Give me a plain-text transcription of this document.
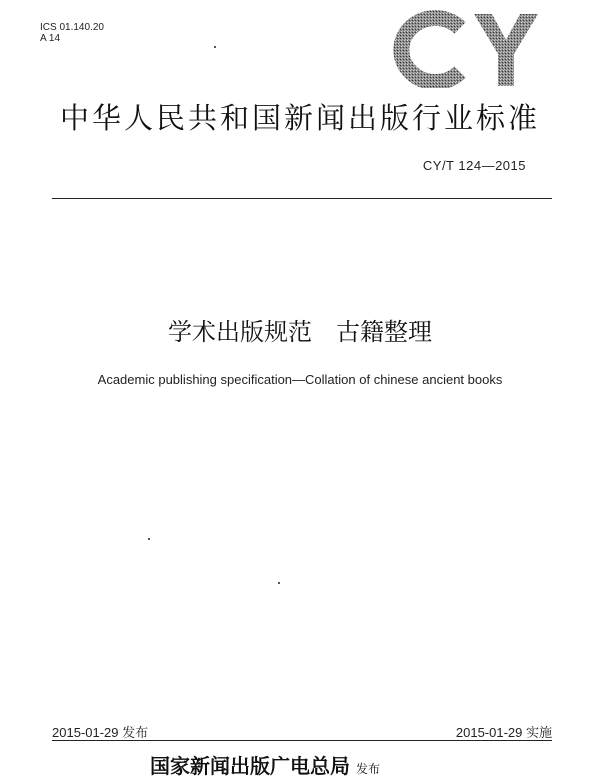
ICS 01.140.20
A 14
中华人民共和国新闻出版行业标准
CY/T 124—2015
学术出版规范　古籍整理
Academic publishing specification—Collation of chinese ancient books
2015-01-29 发布	2015-01-29 实施
国家新闻出版广电总局 发布
